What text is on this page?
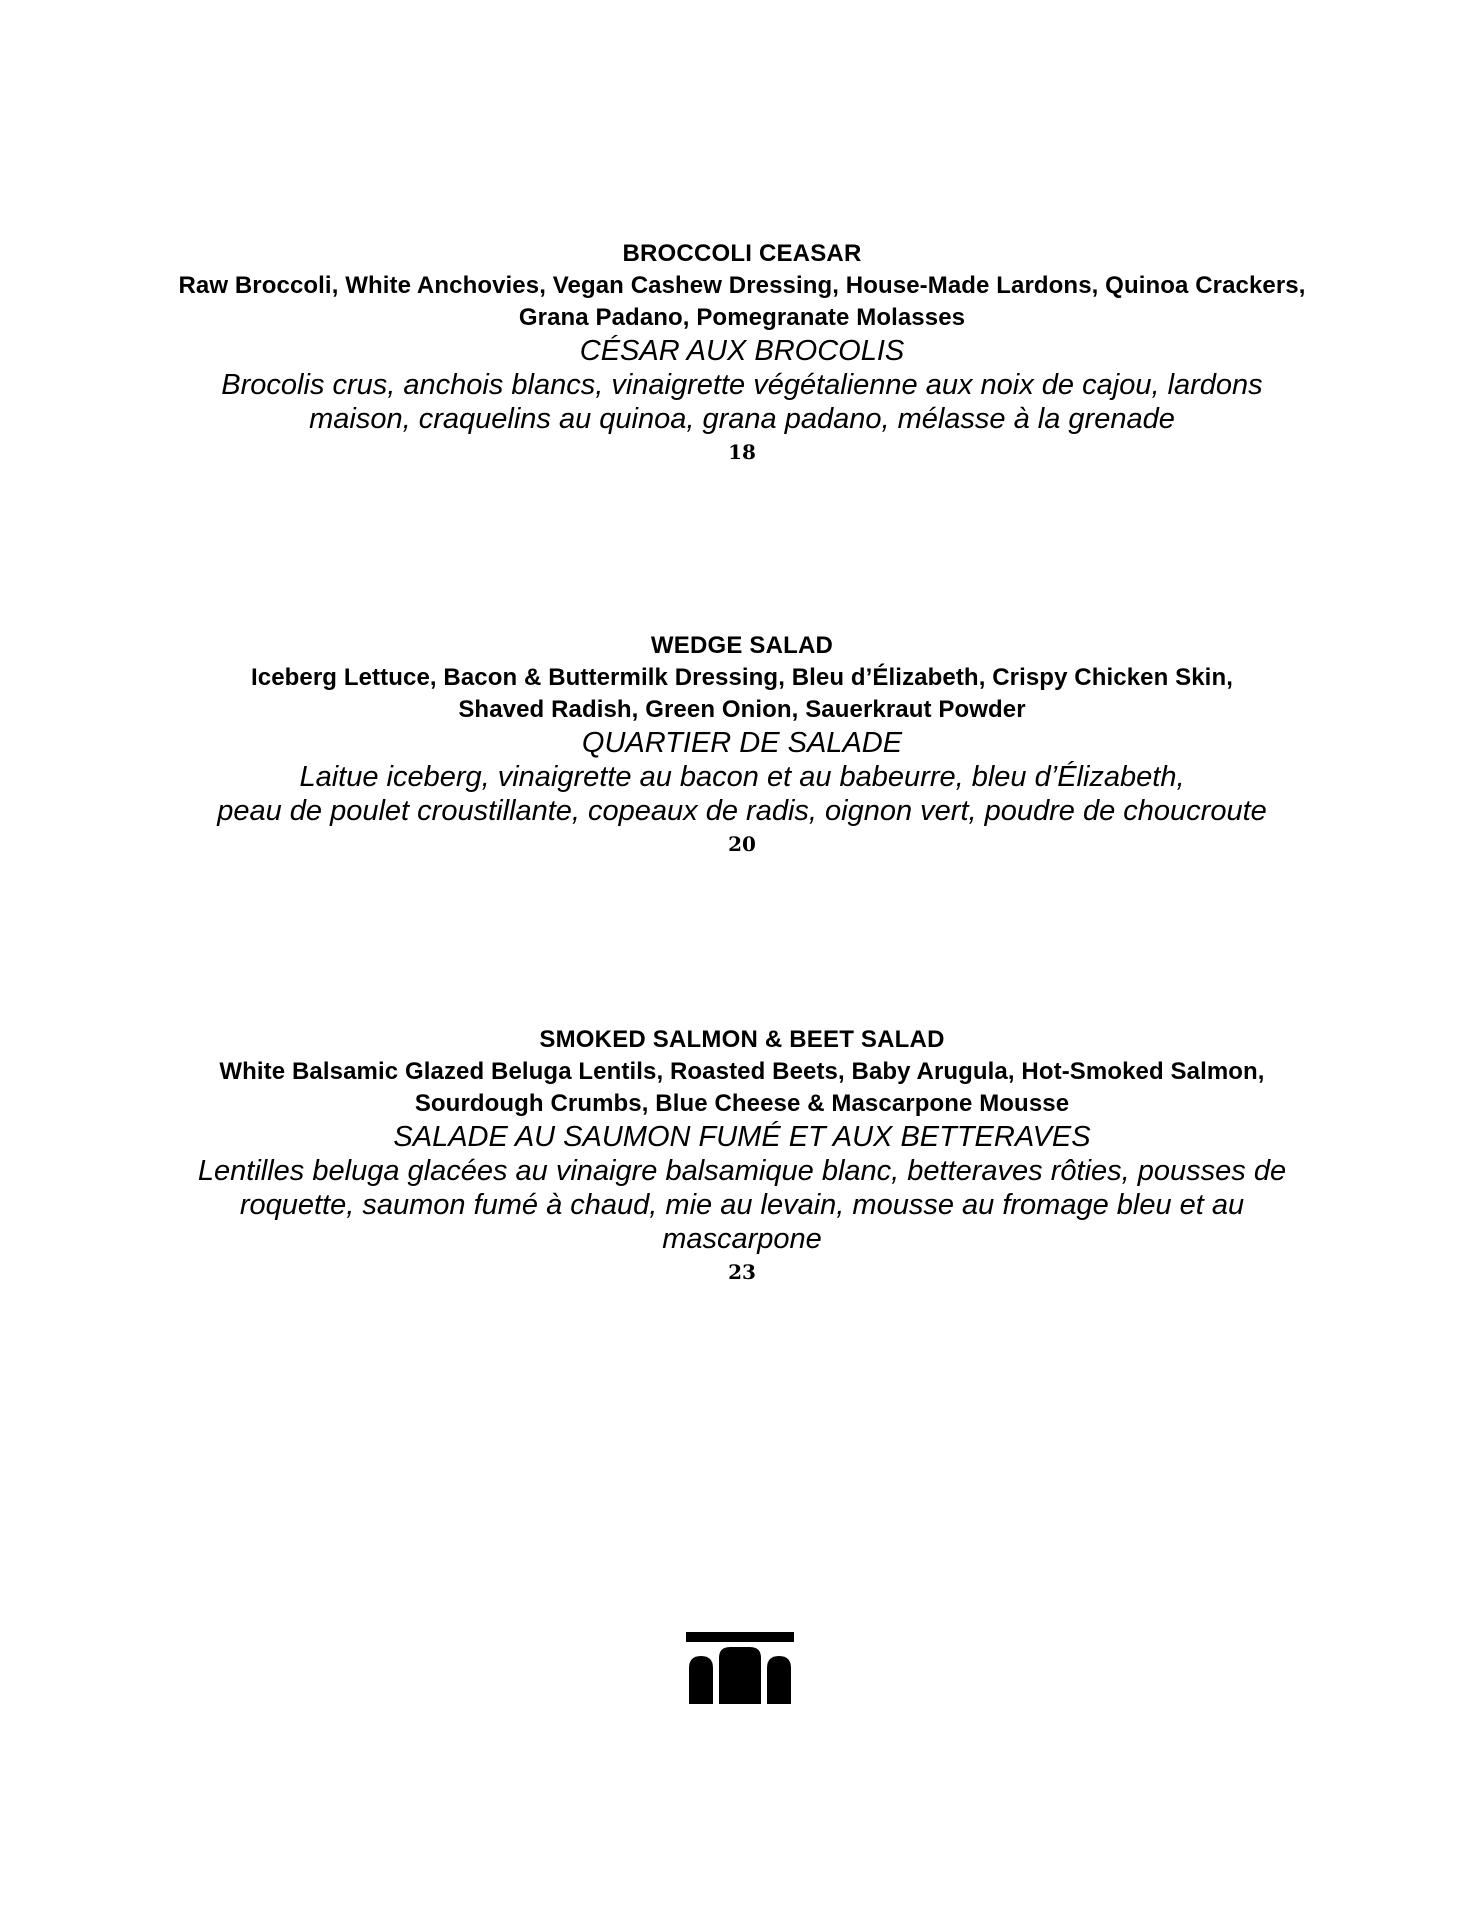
BROCCOLI CEASAR
Raw Broccoli, White Anchovies, Vegan Cashew Dressing, House-Made Lardons, Quinoa Crackers,
Grana Padano, Pomegranate Molasses
CÉSAR AUX BROCOLIS
Brocolis crus, anchois blancs, vinaigrette végétalienne aux noix de cajou, lardons
maison, craquelins au quinoa, grana padano, mélasse à la grenade
18
WEDGE SALAD
Iceberg Lettuce, Bacon & Buttermilk Dressing, Bleu d’Élizabeth, Crispy Chicken Skin,
Shaved Radish, Green Onion, Sauerkraut Powder
QUARTIER DE SALADE
Laitue iceberg, vinaigrette au bacon et au babeurre, bleu d’Élizabeth,
peau de poulet croustillante, copeaux de radis, oignon vert, poudre de choucroute
20
SMOKED SALMON & BEET SALAD
White Balsamic Glazed Beluga Lentils, Roasted Beets, Baby Arugula, Hot-Smoked Salmon,
Sourdough Crumbs, Blue Cheese & Mascarpone Mousse
SALADE AU SAUMON FUMÉ ET AUX BETTERAVES
Lentilles beluga glacées au vinaigre balsamique blanc, betteraves rôties, pousses de
roquette, saumon fumé à chaud, mie au levain, mousse au fromage bleu et au
mascarpone
23
